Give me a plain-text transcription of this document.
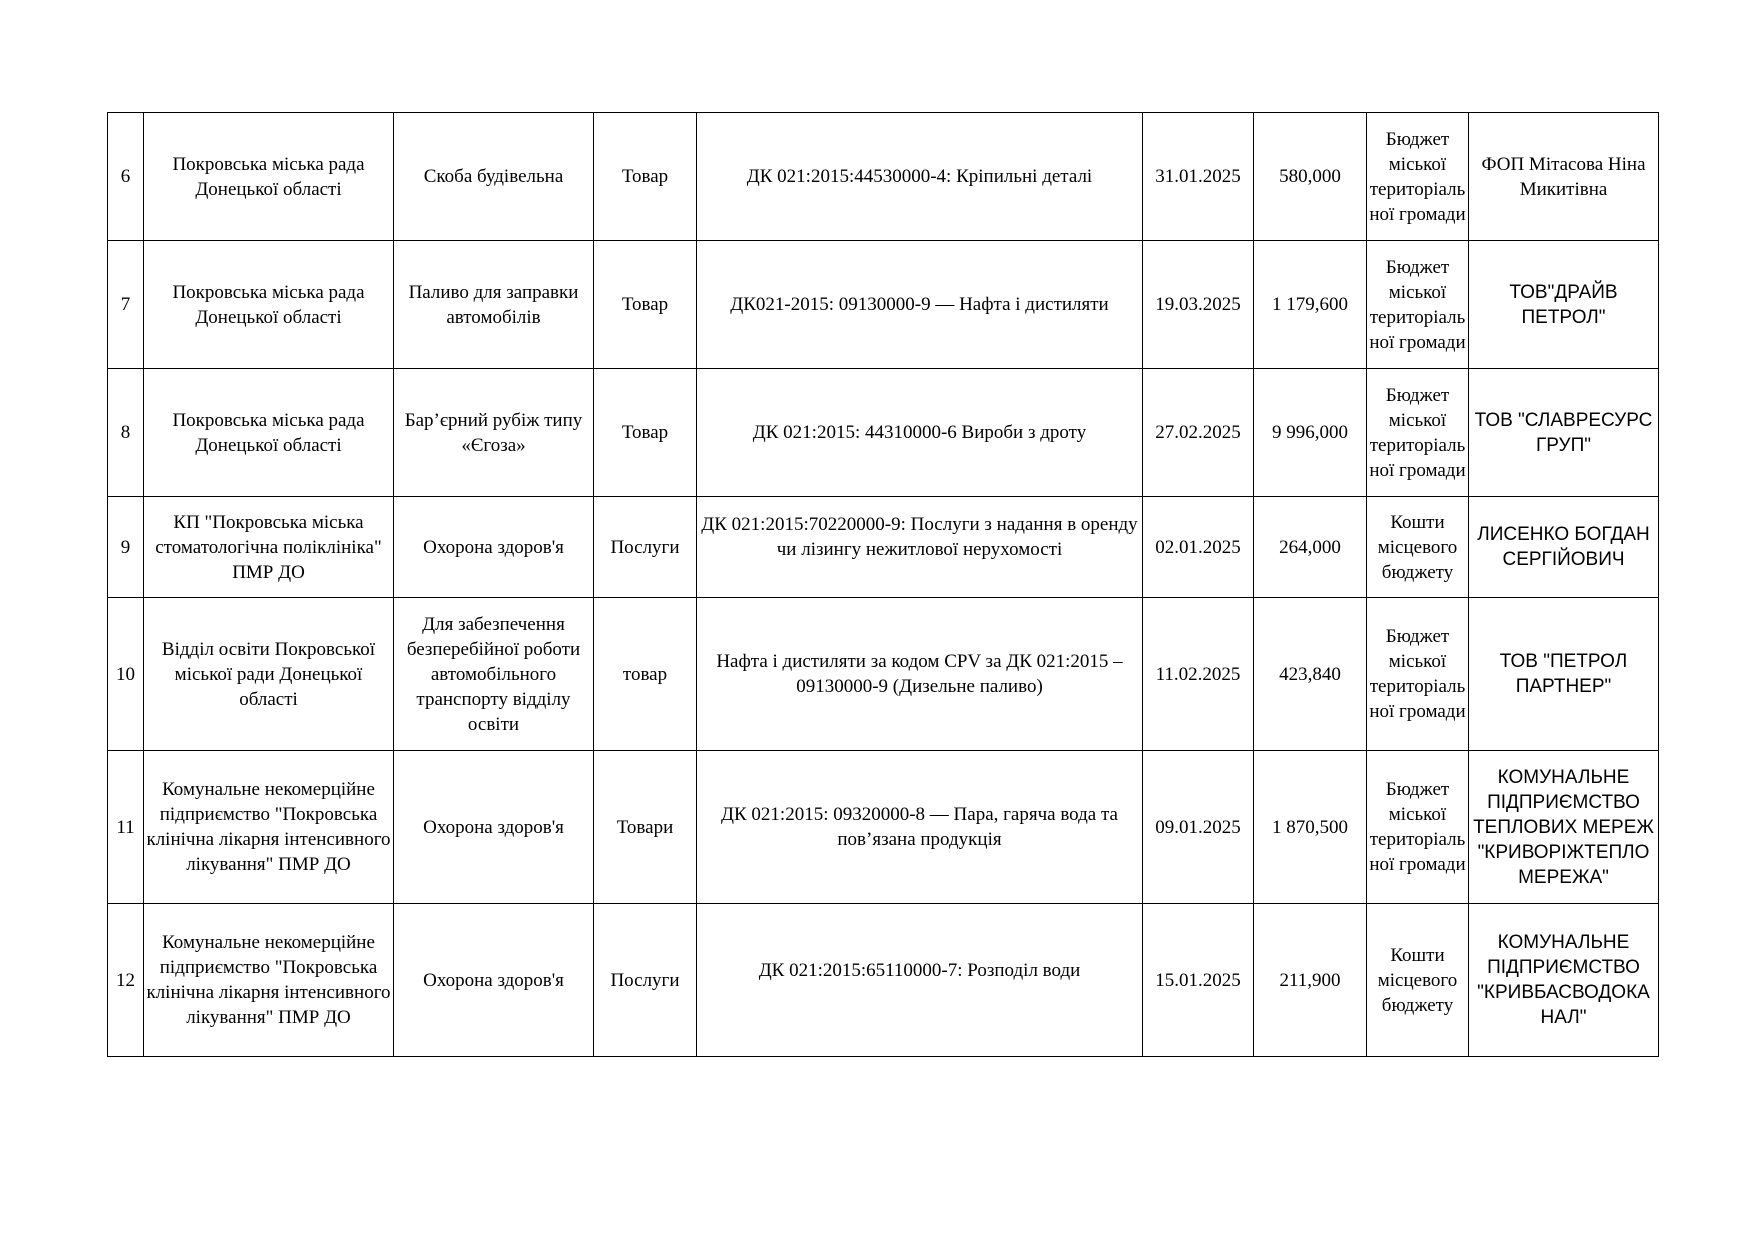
6	Покровська міська рада Донецької області	Скоба будівельна	Товар	ДК 021:2015:44530000-4: Кріпильні деталі	31.01.2025	580,000	Бюджет міської територіальної громади	ФОП Мітасова Ніна Микитівна
7	Покровська міська рада Донецької області	Паливо для заправки автомобілів	Товар	ДК021-2015: 09130000-9 — Нафта і дистиляти	19.03.2025	1 179,600	Бюджет міської територіальної громади	ТОВ"ДРАЙВ ПЕТРОЛ"
8	Покровська міська рада Донецької області	Бар’єрний рубіж типу «Єгоза»	Товар	ДК 021:2015: 44310000-6 Вироби з дроту	27.02.2025	9 996,000	Бюджет міської територіальної громади	ТОВ "СЛАВРЕСУРС ГРУП"
9	КП "Покровська міська стоматологічна поліклініка" ПМР ДО	Охорона здоров'я	Послуги	ДК 021:2015:70220000-9: Послуги з надання в оренду чи лізингу нежитлової нерухомості	02.01.2025	264,000	Кошти місцевого бюджету	ЛИСЕНКО БОГДАН СЕРГІЙОВИЧ
10	Відділ освіти Покровської міської ради Донецької області	Для забезпечення безперебійної роботи автомобільного транспорту відділу освіти	товар	Нафта і дистиляти за кодом CPV за ДК 021:2015 – 09130000-9 (Дизельне паливо)	11.02.2025	423,840	Бюджет міської територіальної громади	ТОВ "ПЕТРОЛ ПАРТНЕР"
11	Комунальне некомерційне підприємство "Покровська клінічна лікарня інтенсивного лікування" ПМР ДО	Охорона здоров'я	Товари	ДК 021:2015: 09320000-8 — Пара, гаряча вода та пов’язана продукція	09.01.2025	1 870,500	Бюджет міської територіальної громади	КОМУНАЛЬНЕ ПІДПРИЄМСТВО ТЕПЛОВИХ МЕРЕЖ "КРИВОРІЖТЕПЛОМЕРЕЖА"
12	Комунальне некомерційне підприємство "Покровська клінічна лікарня інтенсивного лікування" ПМР ДО	Охорона здоров'я	Послуги	ДК 021:2015:65110000-7: Розподіл води	15.01.2025	211,900	Кошти місцевого бюджету	КОМУНАЛЬНЕ ПІДПРИЄМСТВО "КРИВБАСВОДОКАНАЛ"
